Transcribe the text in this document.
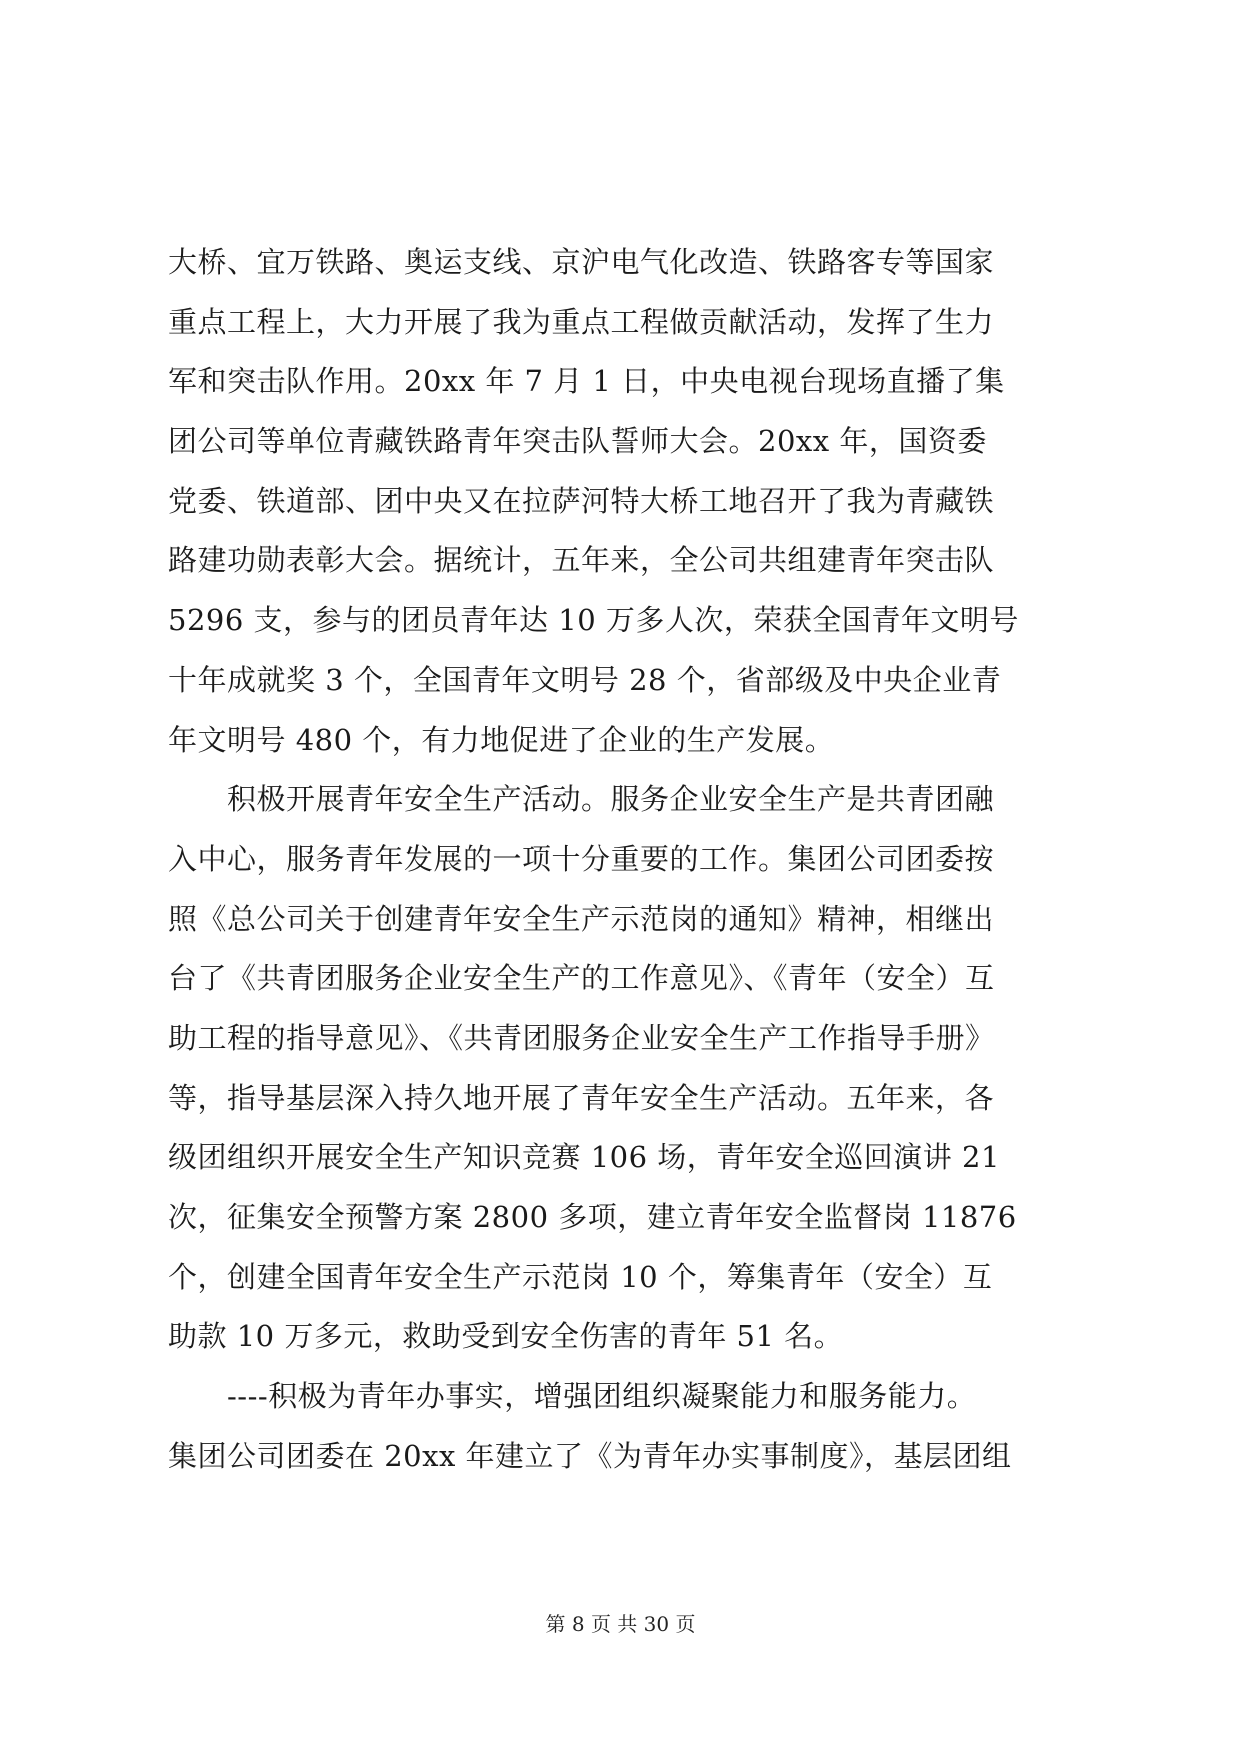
大桥、宜万铁路、奥运支线、京沪电气化改造、铁路客专等国家
重点工程上，大力开展了我为重点工程做贡献活动，发挥了生力
军和突击队作用。20xx 年 7 月 1 日，中央电视台现场直播了集
团公司等单位青藏铁路青年突击队誓师大会。20xx 年，国资委
党委、铁道部、团中央又在拉萨河特大桥工地召开了我为青藏铁
路建功勋表彰大会。据统计，五年来，全公司共组建青年突击队
5296 支，参与的团员青年达 10 万多人次，荣获全国青年文明号
十年成就奖 3 个，全国青年文明号 28 个，省部级及中央企业青
年文明号 480 个，有力地促进了企业的生产发展。
　　积极开展青年安全生产活动。服务企业安全生产是共青团融
入中心，服务青年发展的一项十分重要的工作。集团公司团委按
照《总公司关于创建青年安全生产示范岗的通知》精神，相继出
台了《共青团服务企业安全生产的工作意见》、《青年（安全）互
助工程的指导意见》、《共青团服务企业安全生产工作指导手册》
等，指导基层深入持久地开展了青年安全生产活动。五年来，各
级团组织开展安全生产知识竞赛 106 场，青年安全巡回演讲 21
次，征集安全预警方案 2800 多项，建立青年安全监督岗 11876
个，创建全国青年安全生产示范岗 10 个，筹集青年（安全）互
助款 10 万多元，救助受到安全伤害的青年 51 名。
　　----积极为青年办事实，增强团组织凝聚能力和服务能力。
集团公司团委在 20xx 年建立了《为青年办实事制度》，基层团组
第 8 页 共 30 页
